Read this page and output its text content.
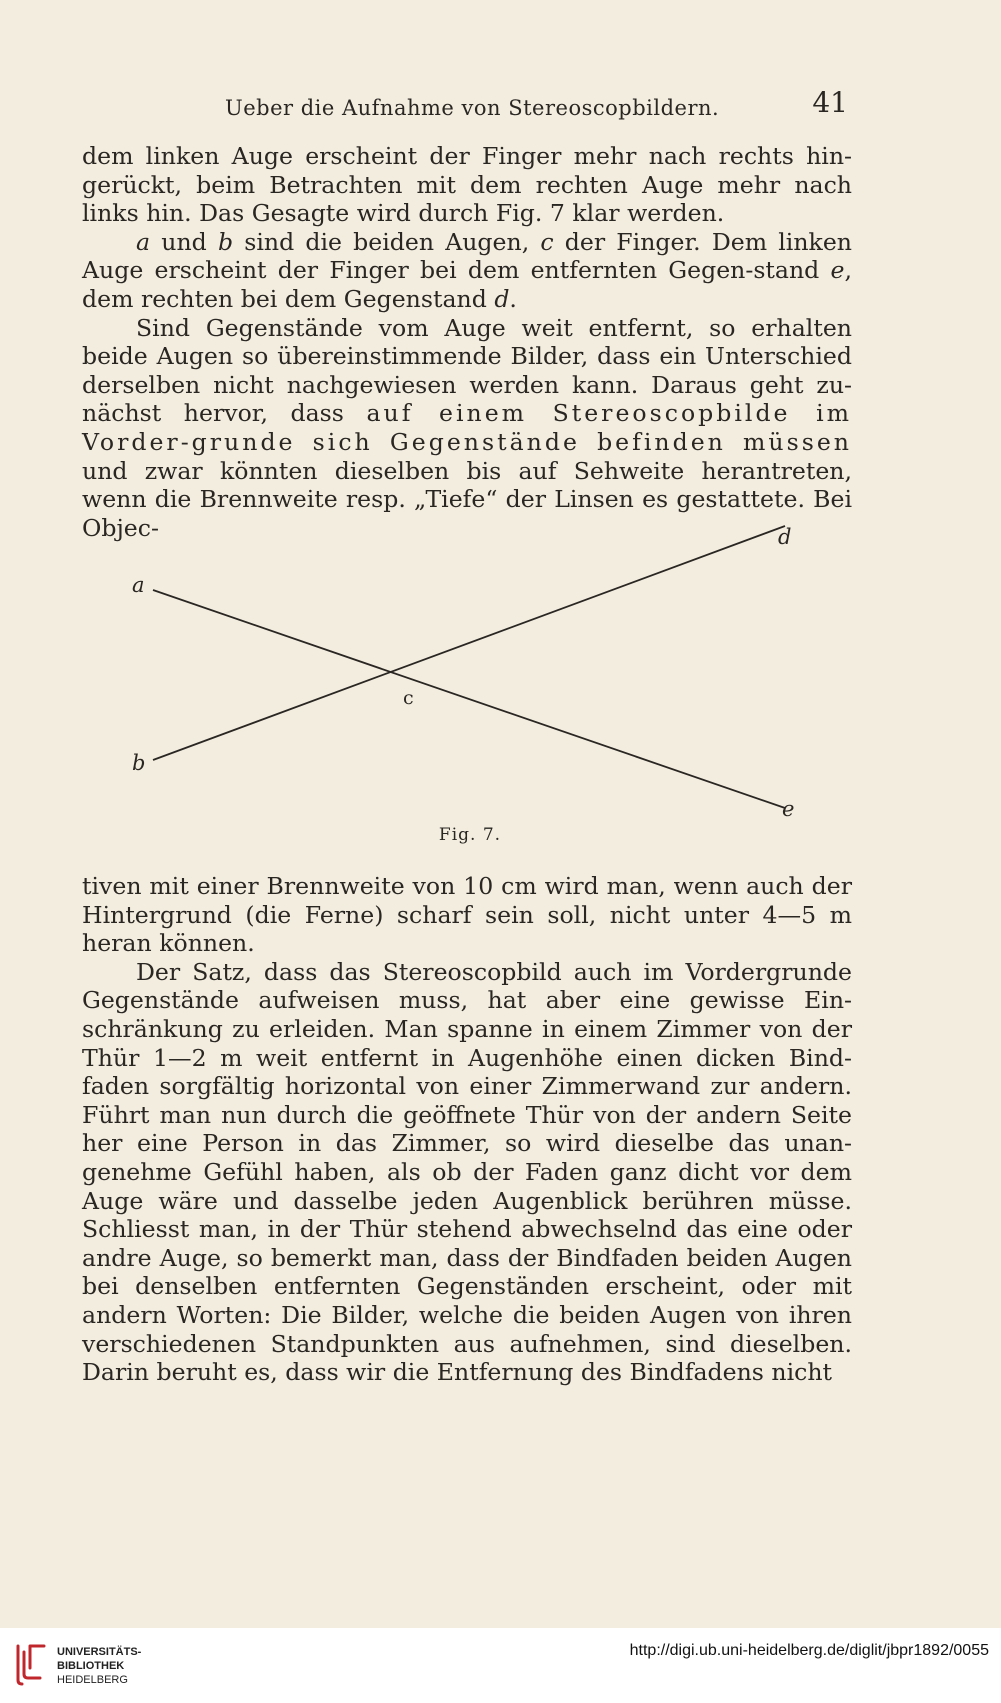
Ueber die Aufnahme von Stereoscopbildern.	41

dem linken Auge erscheint der Finger mehr nach rechts hin-gerückt, beim Betrachten mit dem rechten Auge mehr nach links hin. Das Gesagte wird durch Fig. 7 klar werden.

a und b sind die beiden Augen, c der Finger. Dem linken Auge erscheint der Finger bei dem entfernten Gegen-stand e, dem rechten bei dem Gegenstand d.

Sind Gegenstände vom Auge weit entfernt, so erhalten beide Augen so übereinstimmende Bilder, dass ein Unterschied derselben nicht nachgewiesen werden kann. Daraus geht zu-nächst hervor, dass auf einem Stereoscopbilde im Vorder-grunde sich Gegenstände befinden müssen und zwar könnten dieselben bis auf Sehweite herantreten, wenn die Brennweite resp. „Tiefe“ der Linsen es gestattete. Bei Objec-

a
b
c
d
e
Fig. 7.

tiven mit einer Brennweite von 10 cm wird man, wenn auch der Hintergrund (die Ferne) scharf sein soll, nicht unter 4—5 m heran können.

Der Satz, dass das Stereoscopbild auch im Vordergrunde Gegenstände aufweisen muss, hat aber eine gewisse Ein-schränkung zu erleiden. Man spanne in einem Zimmer von der Thür 1—2 m weit entfernt in Augenhöhe einen dicken Bind-faden sorgfältig horizontal von einer Zimmerwand zur andern. Führt man nun durch die geöffnete Thür von der andern Seite her eine Person in das Zimmer, so wird dieselbe das unan-genehme Gefühl haben, als ob der Faden ganz dicht vor dem Auge wäre und dasselbe jeden Augenblick berühren müsse. Schliesst man, in der Thür stehend abwechselnd das eine oder andre Auge, so bemerkt man, dass der Bindfaden beiden Augen bei denselben entfernten Gegenständen erscheint, oder mit andern Worten: Die Bilder, welche die beiden Augen von ihren verschiedenen Standpunkten aus aufnehmen, sind dieselben. Darin beruht es, dass wir die Entfernung des Bindfadens nicht

UNIVERSITÄTS-
BIBLIOTHEK
HEIDELBERG
http://digi.ub.uni-heidelberg.de/diglit/jbpr1892/0055
